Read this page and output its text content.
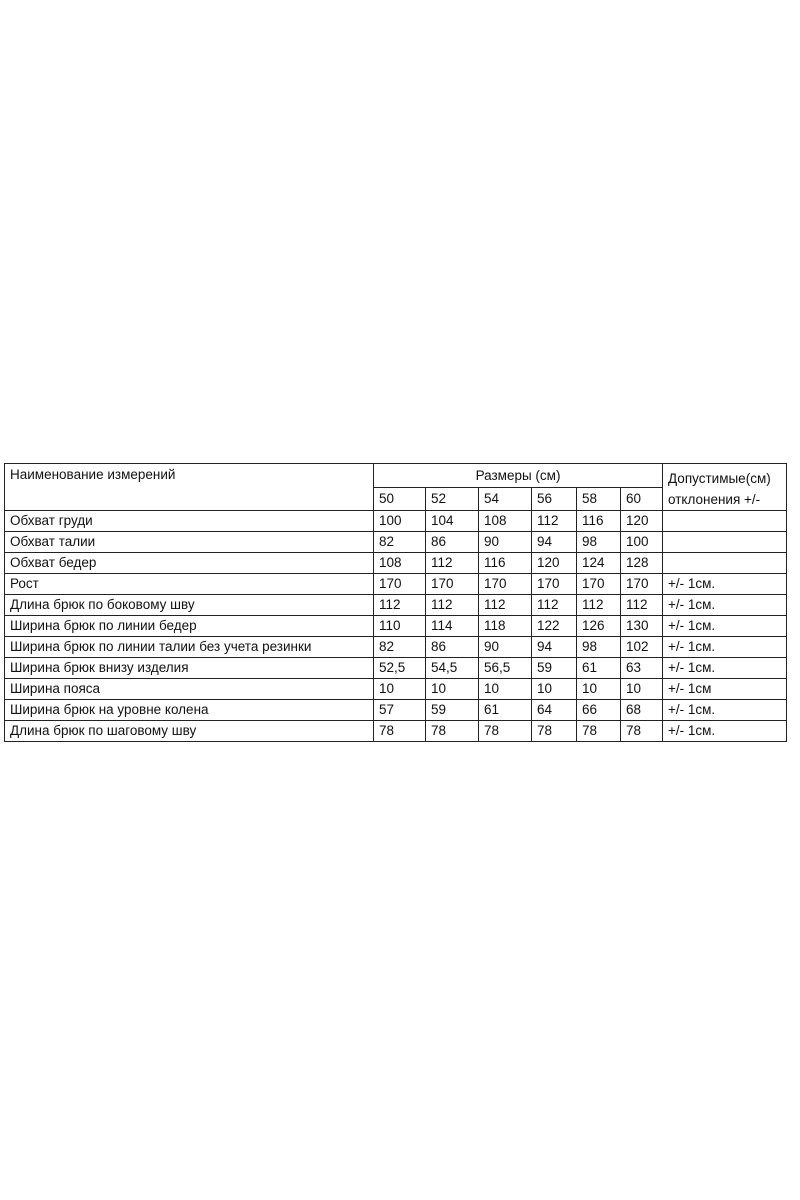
Наименование измерений	Размеры (см)						Допустимые(см)
отклонения +/-
	50	52	54	56	58	60	
Обхват груди	100	104	108	112	116	120	
Обхват талии	82	86	90	94	98	100	
Обхват бедер	108	112	116	120	124	128	
Рост	170	170	170	170	170	170	+/- 1см.
Длина брюк по боковому шву	112	112	112	112	112	112	+/- 1см.
Ширина брюк по линии бедер	110	114	118	122	126	130	+/- 1см.
Ширина брюк по линии талии без учета резинки	82	86	90	94	98	102	+/- 1см.
Ширина брюк внизу изделия	52,5	54,5	56,5	59	61	63	+/- 1см.
Ширина пояса	10	10	10	10	10	10	+/- 1см
Ширина брюк на уровне колена	57	59	61	64	66	68	+/- 1см.
Длина брюк по шаговому шву	78	78	78	78	78	78	+/- 1см.
